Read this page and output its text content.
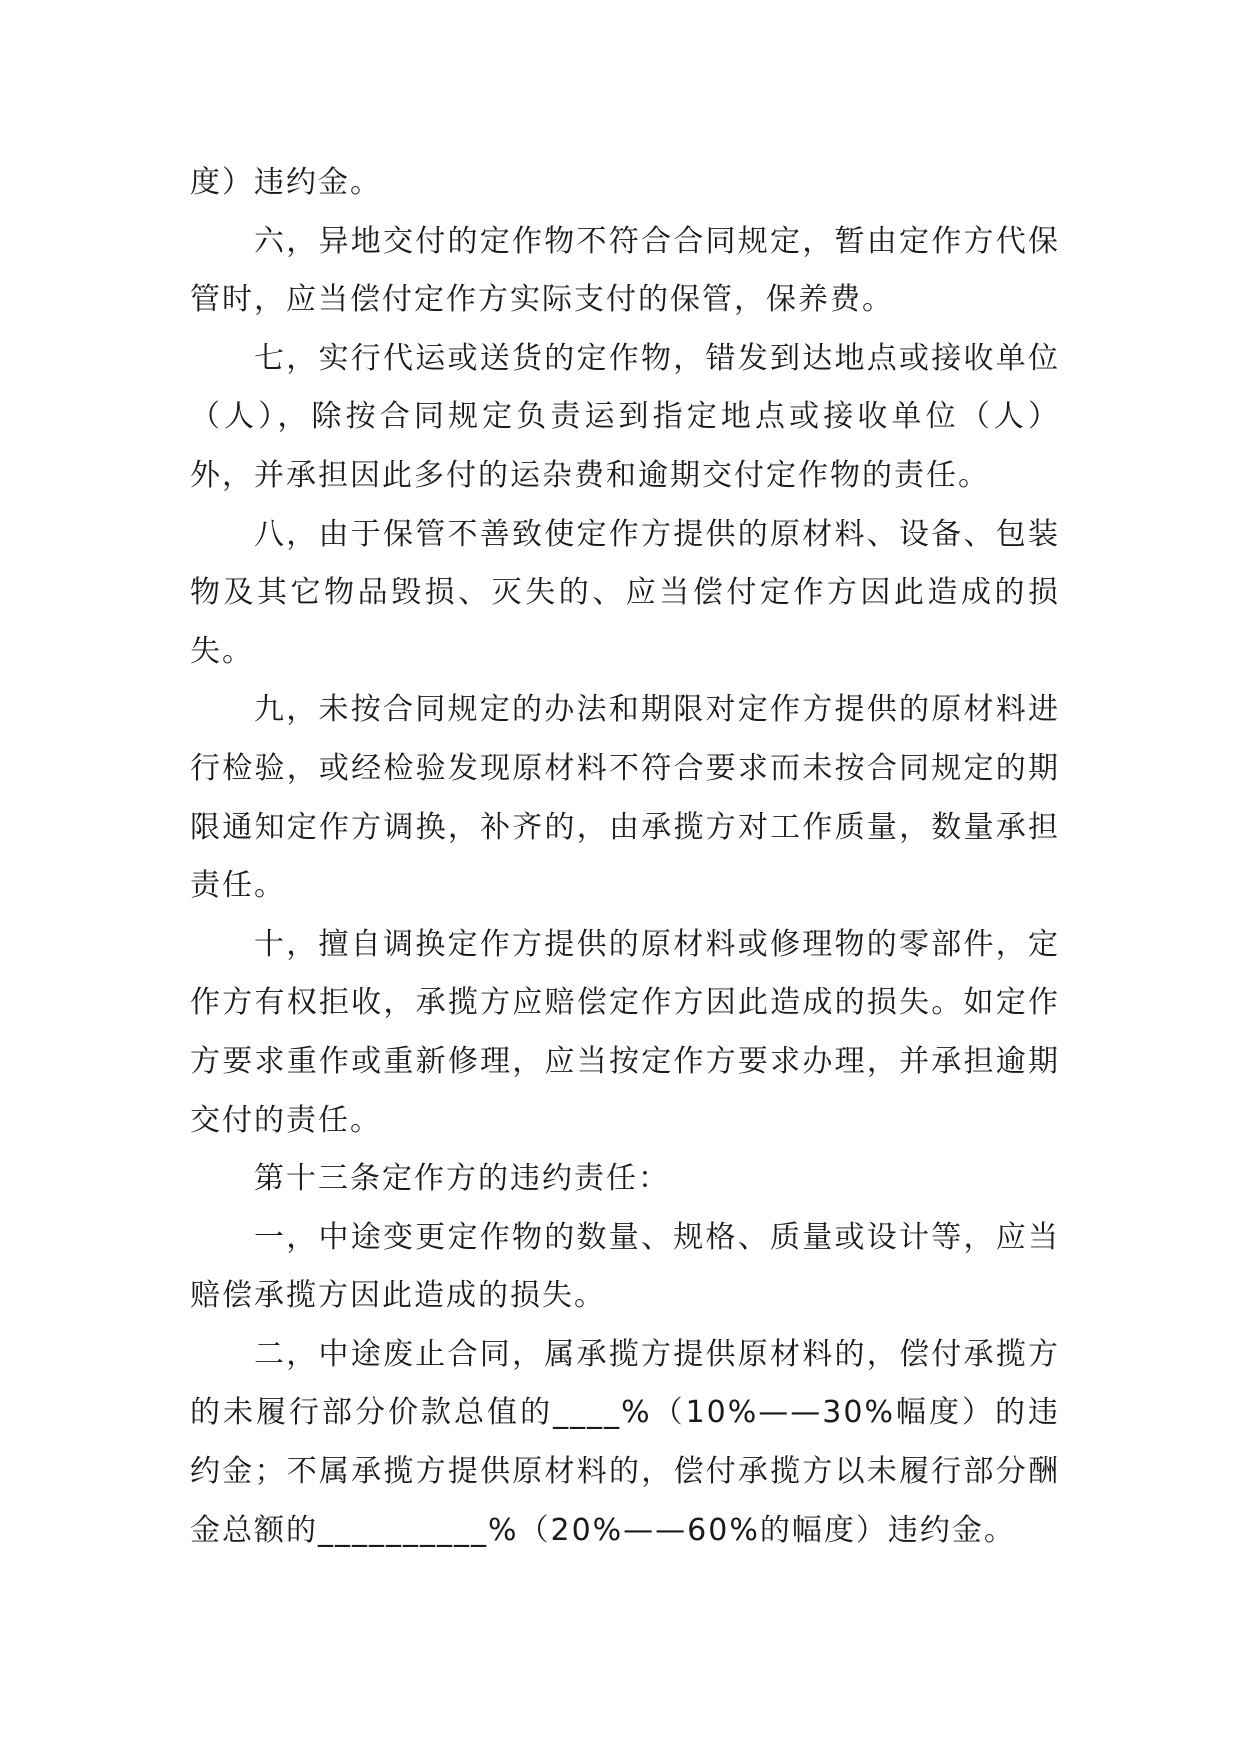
度）违约金。

六，异地交付的定作物不符合合同规定，暂由定作方代保管时，应当偿付定作方实际支付的保管，保养费。

七，实行代运或送货的定作物，错发到达地点或接收单位（人），除按合同规定负责运到指定地点或接收单位（人）外，并承担因此多付的运杂费和逾期交付定作物的责任。

八，由于保管不善致使定作方提供的原材料、设备、包装物及其它物品毁损、灭失的、应当偿付定作方因此造成的损失。

九，未按合同规定的办法和期限对定作方提供的原材料进行检验，或经检验发现原材料不符合要求而未按合同规定的期限通知定作方调换，补齐的，由承揽方对工作质量，数量承担责任。

十，擅自调换定作方提供的原材料或修理物的零部件，定作方有权拒收，承揽方应赔偿定作方因此造成的损失。如定作方要求重作或重新修理，应当按定作方要求办理，并承担逾期交付的责任。

第十三条定作方的违约责任：

一，中途变更定作物的数量、规格、质量或设计等，应当赔偿承揽方因此造成的损失。

二，中途废止合同，属承揽方提供原材料的，偿付承揽方的未履行部分价款总值的____%（10%——30%幅度）的违约金；不属承揽方提供原材料的，偿付承揽方以未履行部分酬金总额的__________%（20%——60%的幅度）违约金。
